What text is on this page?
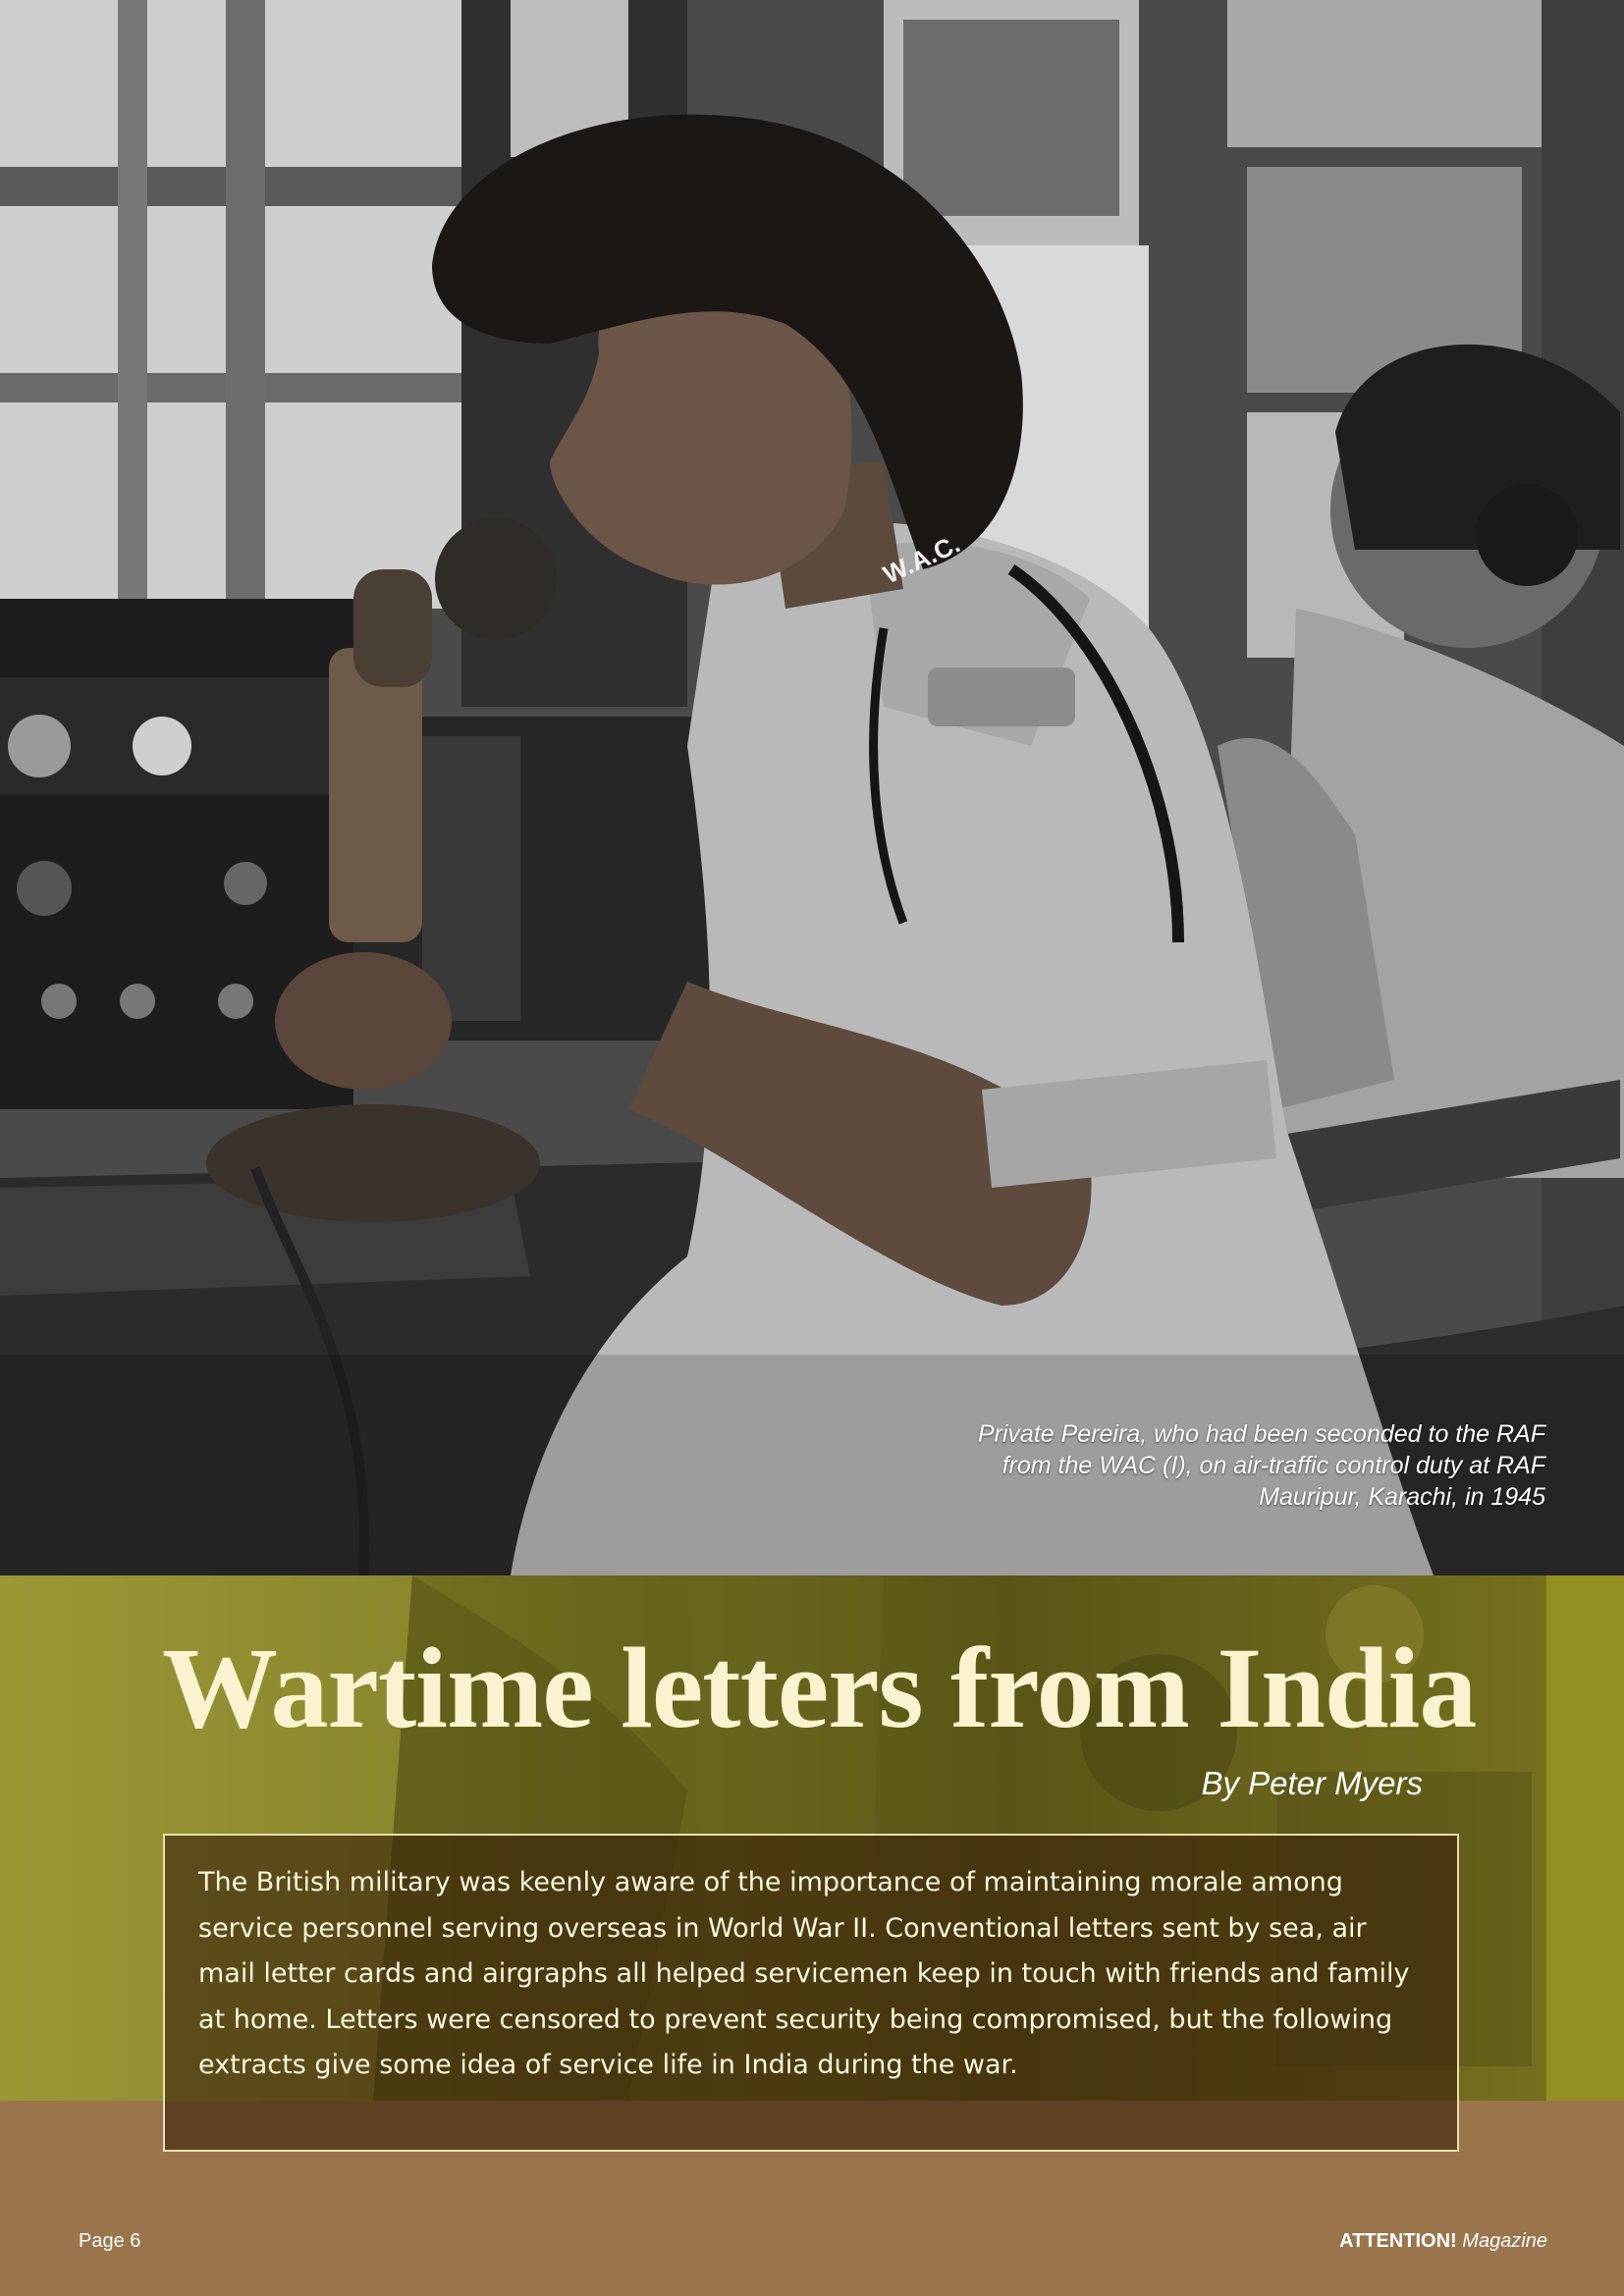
W.A.C.
Private Pereira, who had been seconded to the RAF from the WAC (I), on air-traffic control duty at RAF Mauripur, Karachi, in 1945
Wartime letters from India
By Peter Myers

The British military was keenly aware of the importance of maintaining morale among service personnel serving overseas in World War II. Conventional letters sent by sea, air mail letter cards and airgraphs all helped servicemen keep in touch with friends and family at home. Letters were censored to prevent security being compromised, but the following extracts give some idea of service life in India during the war.

Page 6	ATTENTION! Magazine
